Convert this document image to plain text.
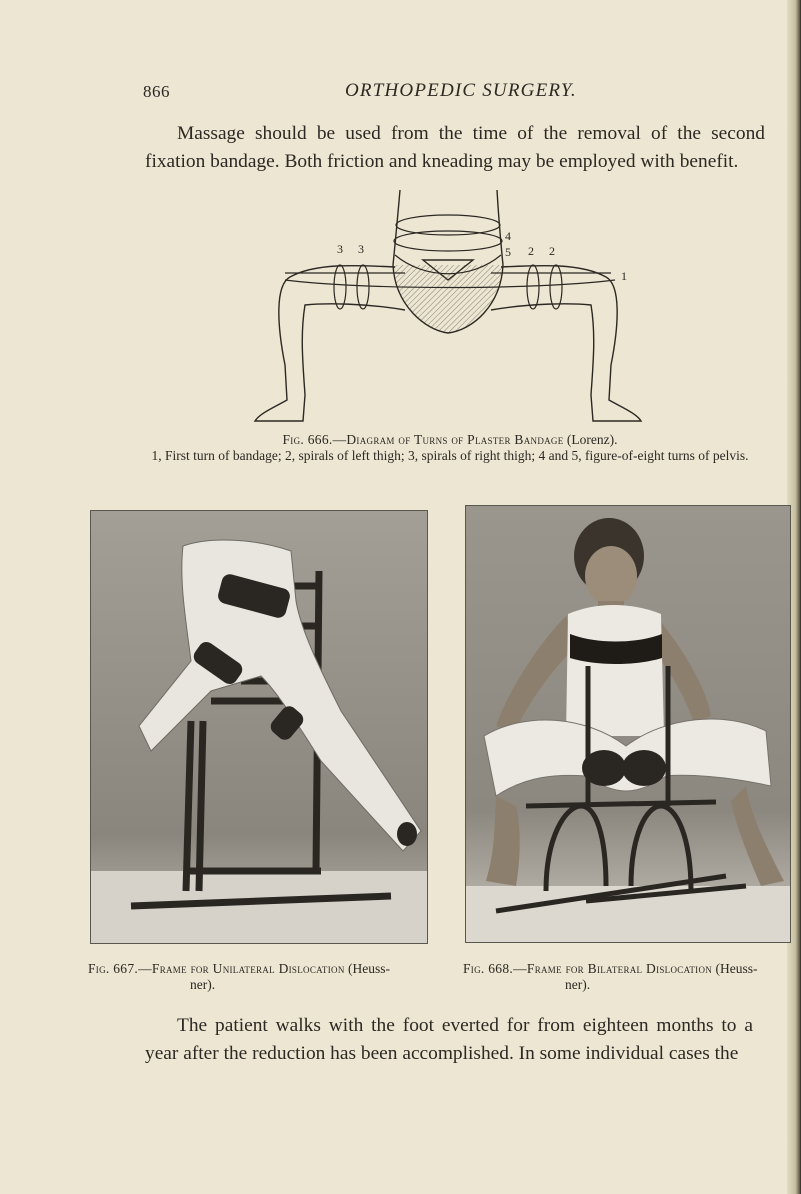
866	ORTHOPEDIC SURGERY.

Massage should be used from the time of the removal of the second fixation bandage. Both friction and kneading may be employed with benefit.

3 3
4
5 2 2
1
Fig. 666.—Diagram of Turns of Plaster Bandage (Lorenz).
1, First turn of bandage; 2, spirals of left thigh; 3, spirals of right thigh; 4 and 5, figure-of-eight turns of pelvis.
Fig. 667.—Frame for Unilateral Dislocation (Heuss-
ner).
Fig. 668.—Frame for Bilateral Dislocation (Heuss-
ner).

The patient walks with the foot everted for from eighteen months to a year after the reduction has been accomplished. In some individual cases the
